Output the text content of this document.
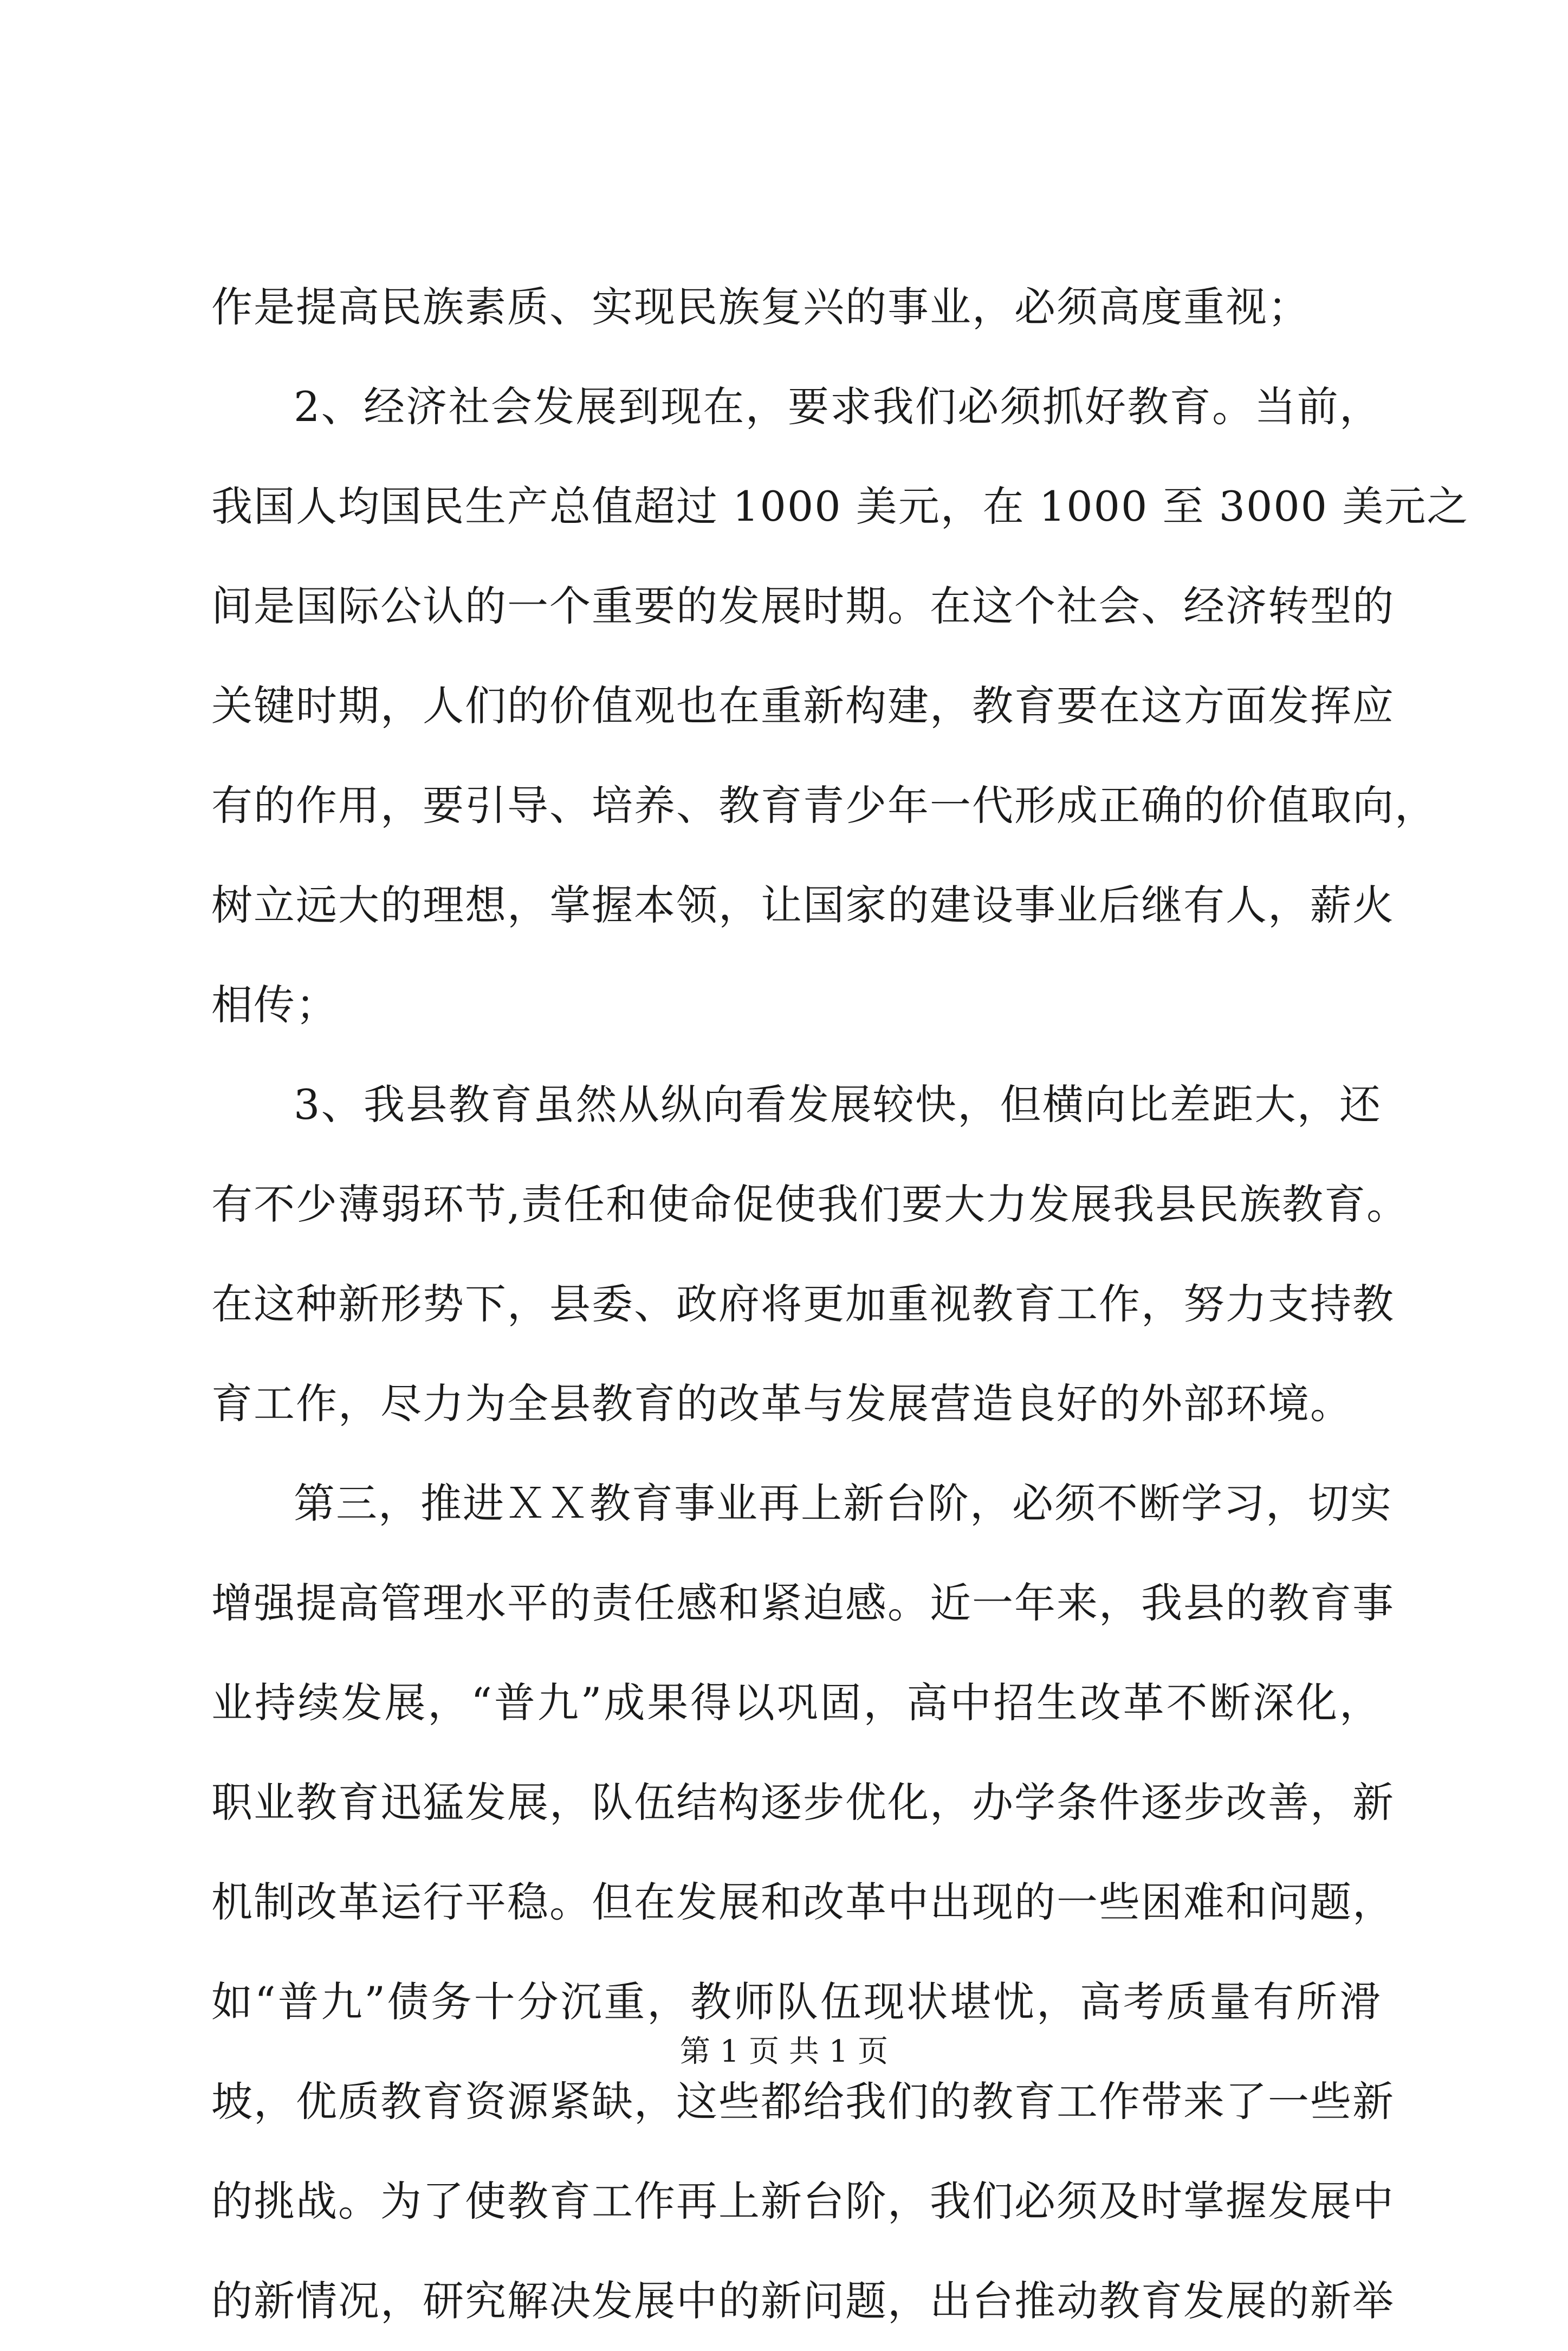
作是提高民族素质、实现民族复兴的事业，必须高度重视；
2、经济社会发展到现在，要求我们必须抓好教育。当前，
我国人均国民生产总值超过 1000 美元，在 1000 至 3000 美元之
间是国际公认的一个重要的发展时期。在这个社会、经济转型的
关键时期，人们的价值观也在重新构建，教育要在这方面发挥应
有的作用，要引导、培养、教育青少年一代形成正确的价值取向，
树立远大的理想，掌握本领，让国家的建设事业后继有人，薪火
相传；
3、我县教育虽然从纵向看发展较快，但横向比差距大，还
有不少薄弱环节,责任和使命促使我们要大力发展我县民族教育。
在这种新形势下，县委、政府将更加重视教育工作，努力支持教
育工作，尽力为全县教育的改革与发展营造良好的外部环境。
第三，推进ＸＸ教育事业再上新台阶，必须不断学习，切实
增强提高管理水平的责任感和紧迫感。近一年来，我县的教育事
业持续发展，“普九”成果得以巩固，高中招生改革不断深化，
职业教育迅猛发展，队伍结构逐步优化，办学条件逐步改善，新
机制改革运行平稳。但在发展和改革中出现的一些困难和问题，
如“普九”债务十分沉重，教师队伍现状堪忧，高考质量有所滑
坡，优质教育资源紧缺，这些都给我们的教育工作带来了一些新
的挑战。为了使教育工作再上新台阶，我们必须及时掌握发展中
的新情况，研究解决发展中的新问题，出台推动教育发展的新举
第 1 页 共 1 页
